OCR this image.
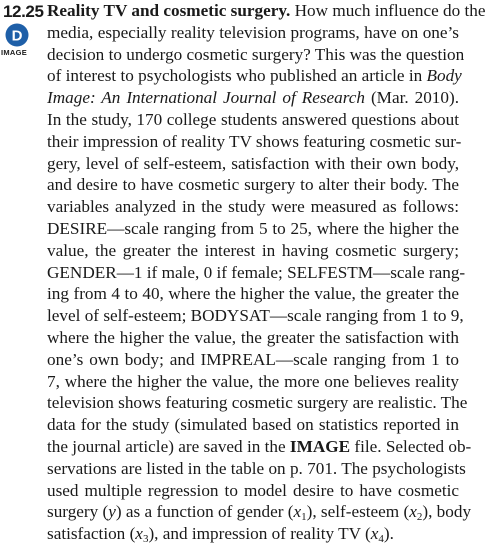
12.25
D
IMAGE
Reality TV and cosmetic surgery. How much influence do the
media, especially reality television programs, have on one’s
decision to undergo cosmetic surgery? This was the question
of interest to psychologists who published an article in Body
Image: An International Journal of Research (Mar. 2010).
In the study, 170 college students answered questions about
their impression of reality TV shows featuring cosmetic sur-
gery, level of self-esteem, satisfaction with their own body,
and desire to have cosmetic surgery to alter their body. The
variables analyzed in the study were measured as follows:
DESIRE—scale ranging from 5 to 25, where the higher the
value, the greater the interest in having cosmetic surgery;
GENDER—1 if male, 0 if female; SELFESTM—scale rang-
ing from 4 to 40, where the higher the value, the greater the
level of self-esteem; BODYSAT—scale ranging from 1 to 9,
where the higher the value, the greater the satisfaction with
one’s own body; and IMPREAL—scale ranging from 1 to
7, where the higher the value, the more one believes reality
television shows featuring cosmetic surgery are realistic. The
data for the study (simulated based on statistics reported in
the journal article) are saved in the IMAGE file. Selected ob-
servations are listed in the table on p. 701. The psychologists
used multiple regression to model desire to have cosmetic
surgery (y) as a function of gender $(x_1)$, self-esteem $(x_2)$, body
satisfaction $(x_3)$, and impression of reality TV $(x_4)$.
